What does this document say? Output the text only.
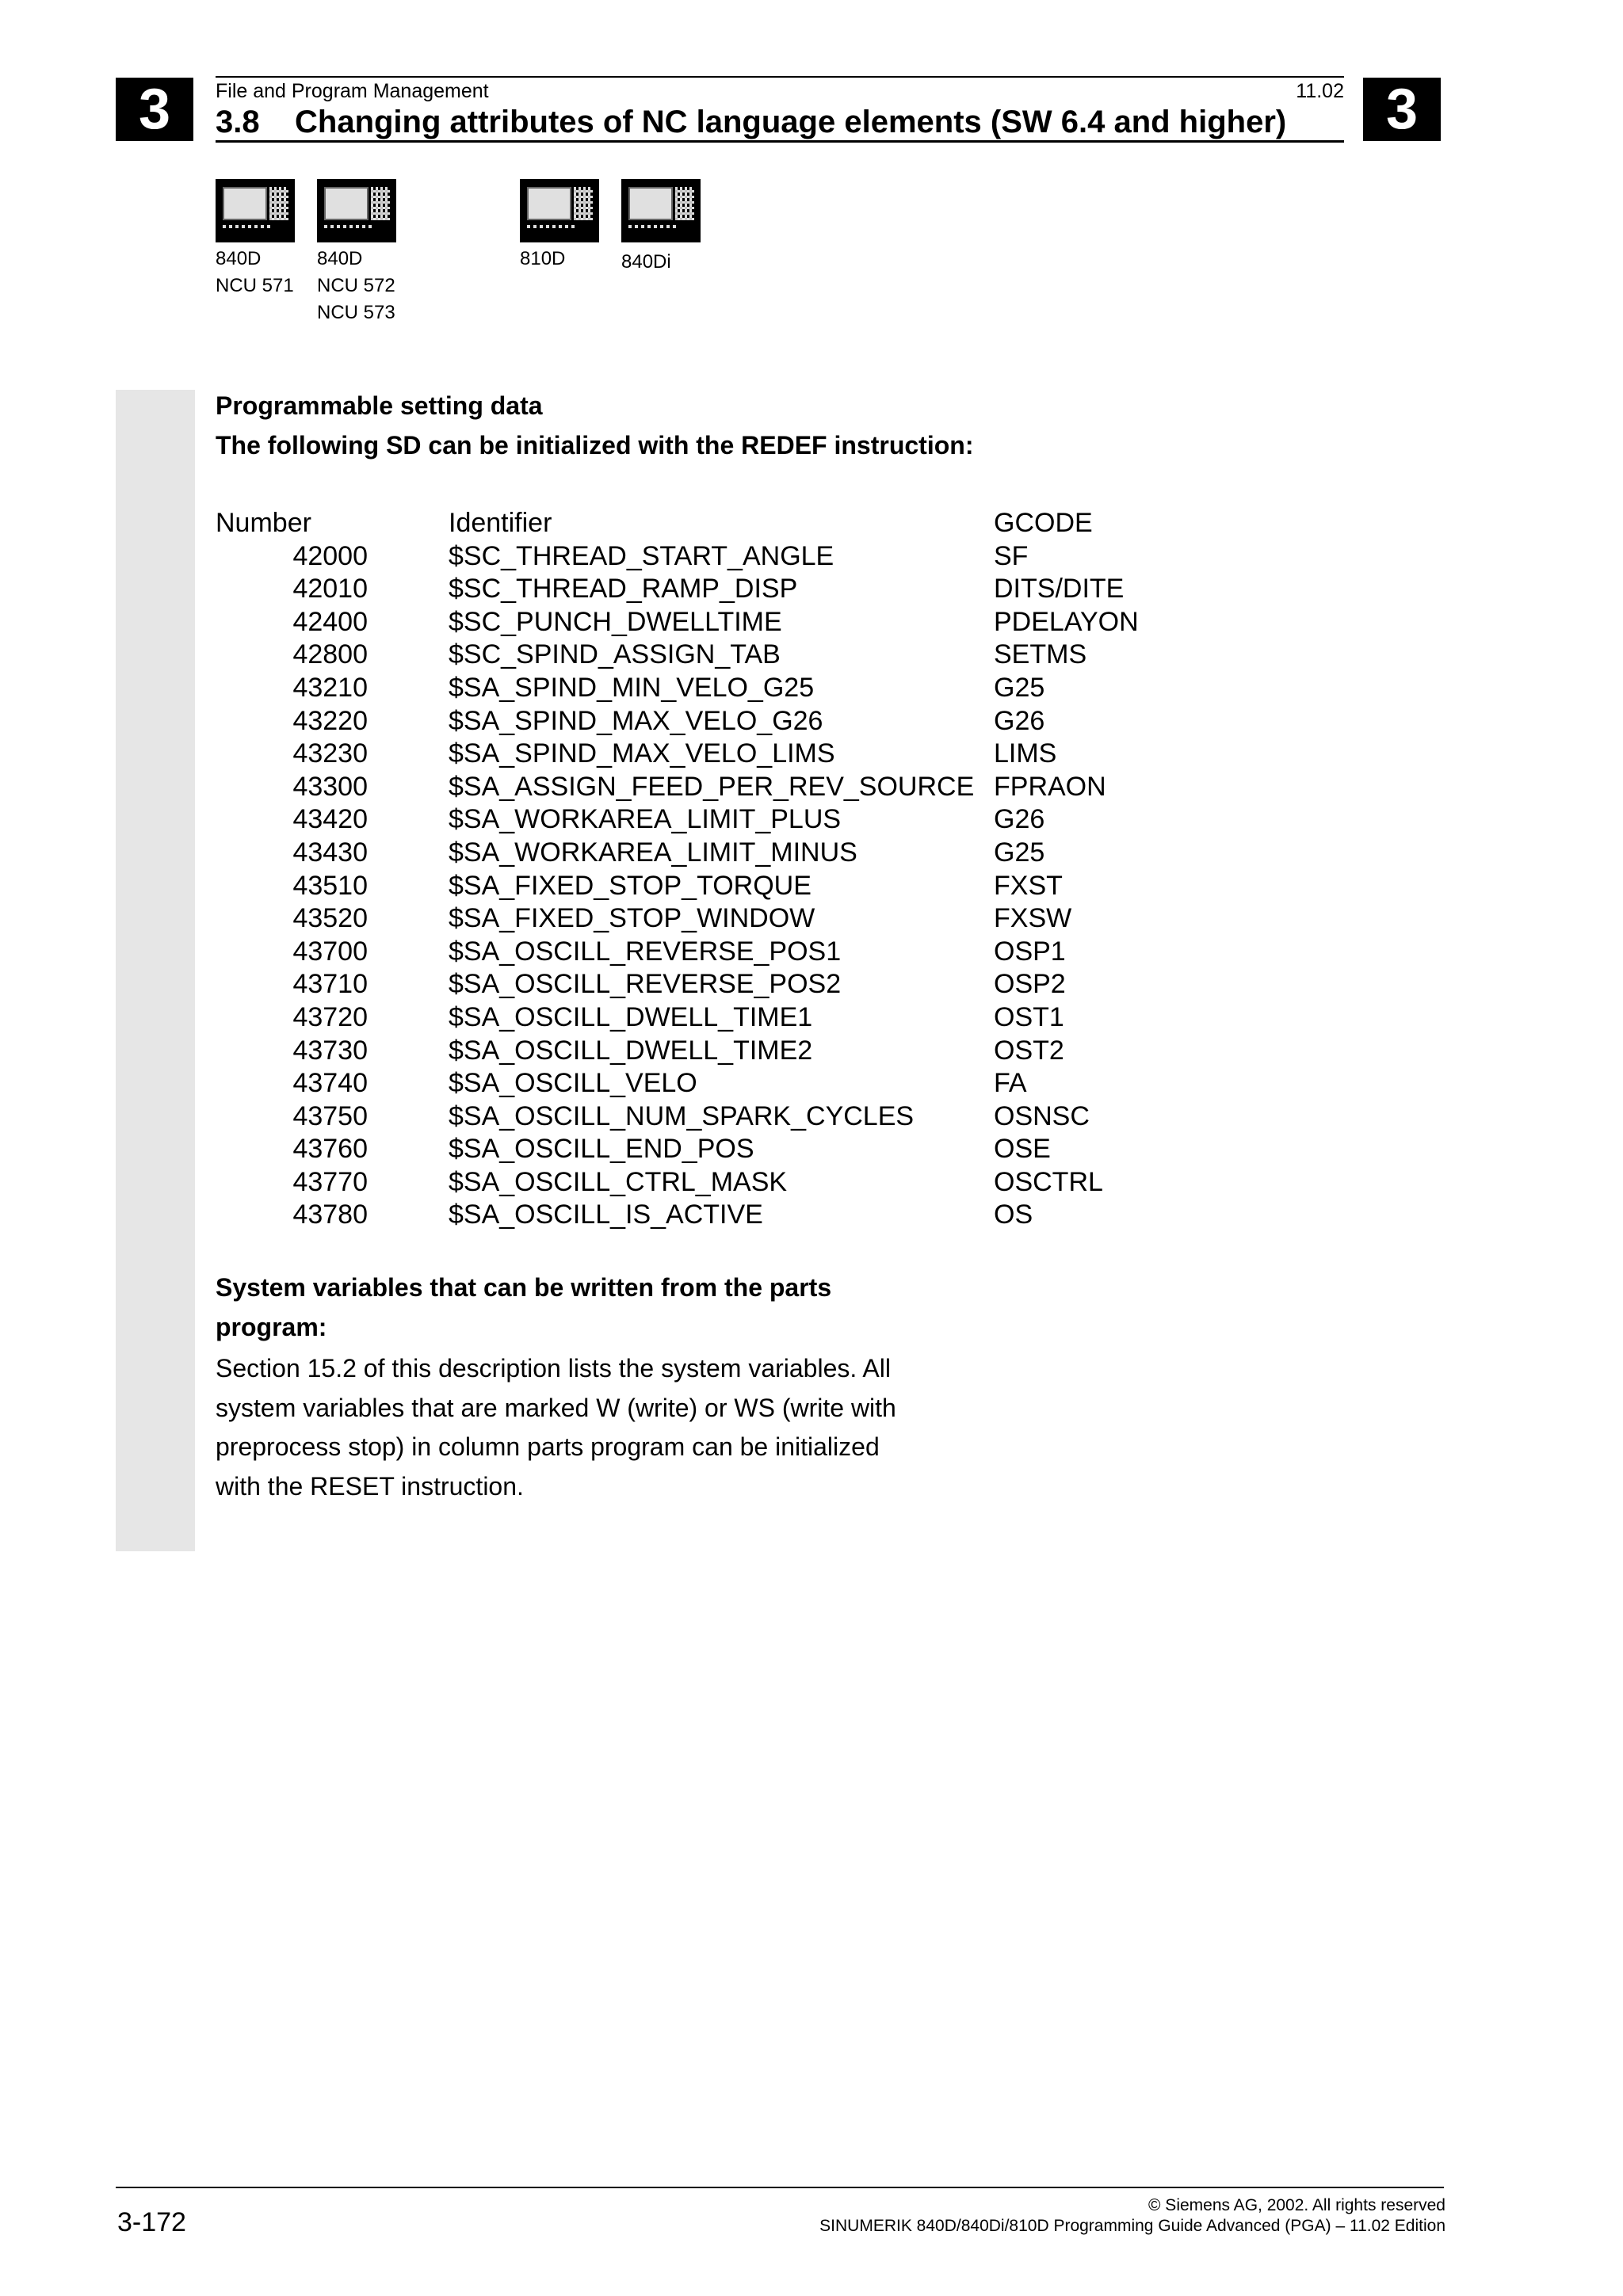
3	3
File and Program Management	11.02
3.8 Changing attributes of NC language elements (SW 6.4 and higher)
840D
NCU 571
840D
NCU 572
NCU 573
810D	840Di
Programmable setting data
The following SD can be initialized with the REDEF instruction:
Number	Identifier	GCODE
42000	$SC_THREAD_START_ANGLE	SF
42010	$SC_THREAD_RAMP_DISP	DITS/DITE
42400	$SC_PUNCH_DWELLTIME	PDELAYON
42800	$SC_SPIND_ASSIGN_TAB	SETMS
43210	$SA_SPIND_MIN_VELO_G25	G25
43220	$SA_SPIND_MAX_VELO_G26	G26
43230	$SA_SPIND_MAX_VELO_LIMS	LIMS
43300	$SA_ASSIGN_FEED_PER_REV_SOURCE FPRAON
43420	$SA_WORKAREA_LIMIT_PLUS	G26
43430	$SA_WORKAREA_LIMIT_MINUS	G25
43510	$SA_FIXED_STOP_TORQUE	FXST
43520	$SA_FIXED_STOP_WINDOW	FXSW
43700	$SA_OSCILL_REVERSE_POS1	OSP1
43710	$SA_OSCILL_REVERSE_POS2	OSP2
43720	$SA_OSCILL_DWELL_TIME1	OST1
43730	$SA_OSCILL_DWELL_TIME2	OST2
43740	$SA_OSCILL_VELO	FA
43750	$SA_OSCILL_NUM_SPARK_CYCLES	OSNSC
43760	$SA_OSCILL_END_POS	OSE
43770	$SA_OSCILL_CTRL_MASK	OSCTRL
43780	$SA_OSCILL_IS_ACTIVE	OS
System variables that can be written from the parts program:
Section 15.2 of this description lists the system variables. All system variables that are marked W (write) or WS (write with preprocess stop) in column parts program can be initialized with the RESET instruction.
3-172
© Siemens AG, 2002. All rights reserved
SINUMERIK 840D/840Di/810D Programming Guide Advanced (PGA) – 11.02 Edition
